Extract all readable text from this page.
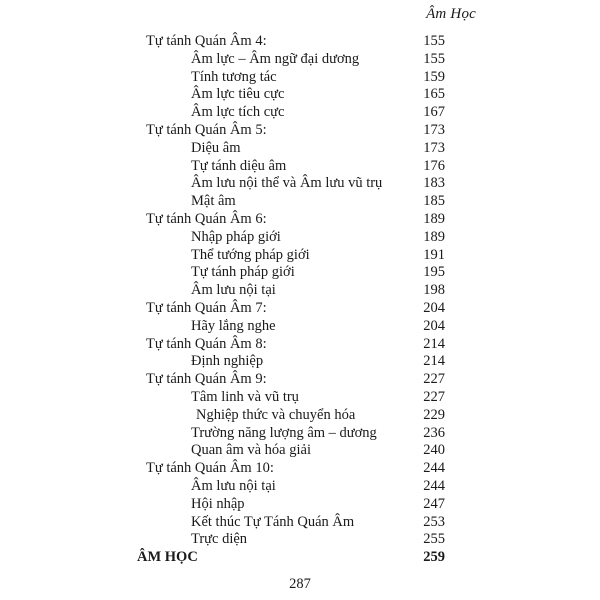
Âm Học
Tự tánh Quán Âm 4:	155
Âm lực – Âm ngữ đại dương	155
Tính tương tác	159
Âm lực tiêu cực	165
Âm lực tích cực	167
Tự tánh Quán Âm 5:	173
Diệu âm	173
Tự tánh diệu âm	176
Âm lưu nội thể và Âm lưu vũ trụ	183
Mật âm	185
Tự tánh Quán Âm 6:	189
Nhập pháp giới	189
Thể tướng pháp giới	191
Tự tánh pháp giới	195
Âm lưu nội tại	198
Tự tánh Quán Âm 7:	204
Hãy lắng nghe	204
Tự tánh Quán Âm 8:	214
Định nghiệp	214
Tự tánh Quán Âm 9:	227
Tâm linh và vũ trụ	227
Nghiệp thức và chuyển hóa	229
Trường năng lượng âm – dương	236
Quan âm và hóa giải	240
Tự tánh Quán Âm 10:	244
Âm lưu nội tại	244
Hội nhập	247
Kết thúc Tự Tánh Quán Âm	253
Trực diện	255
ÂM HỌC	259
287
